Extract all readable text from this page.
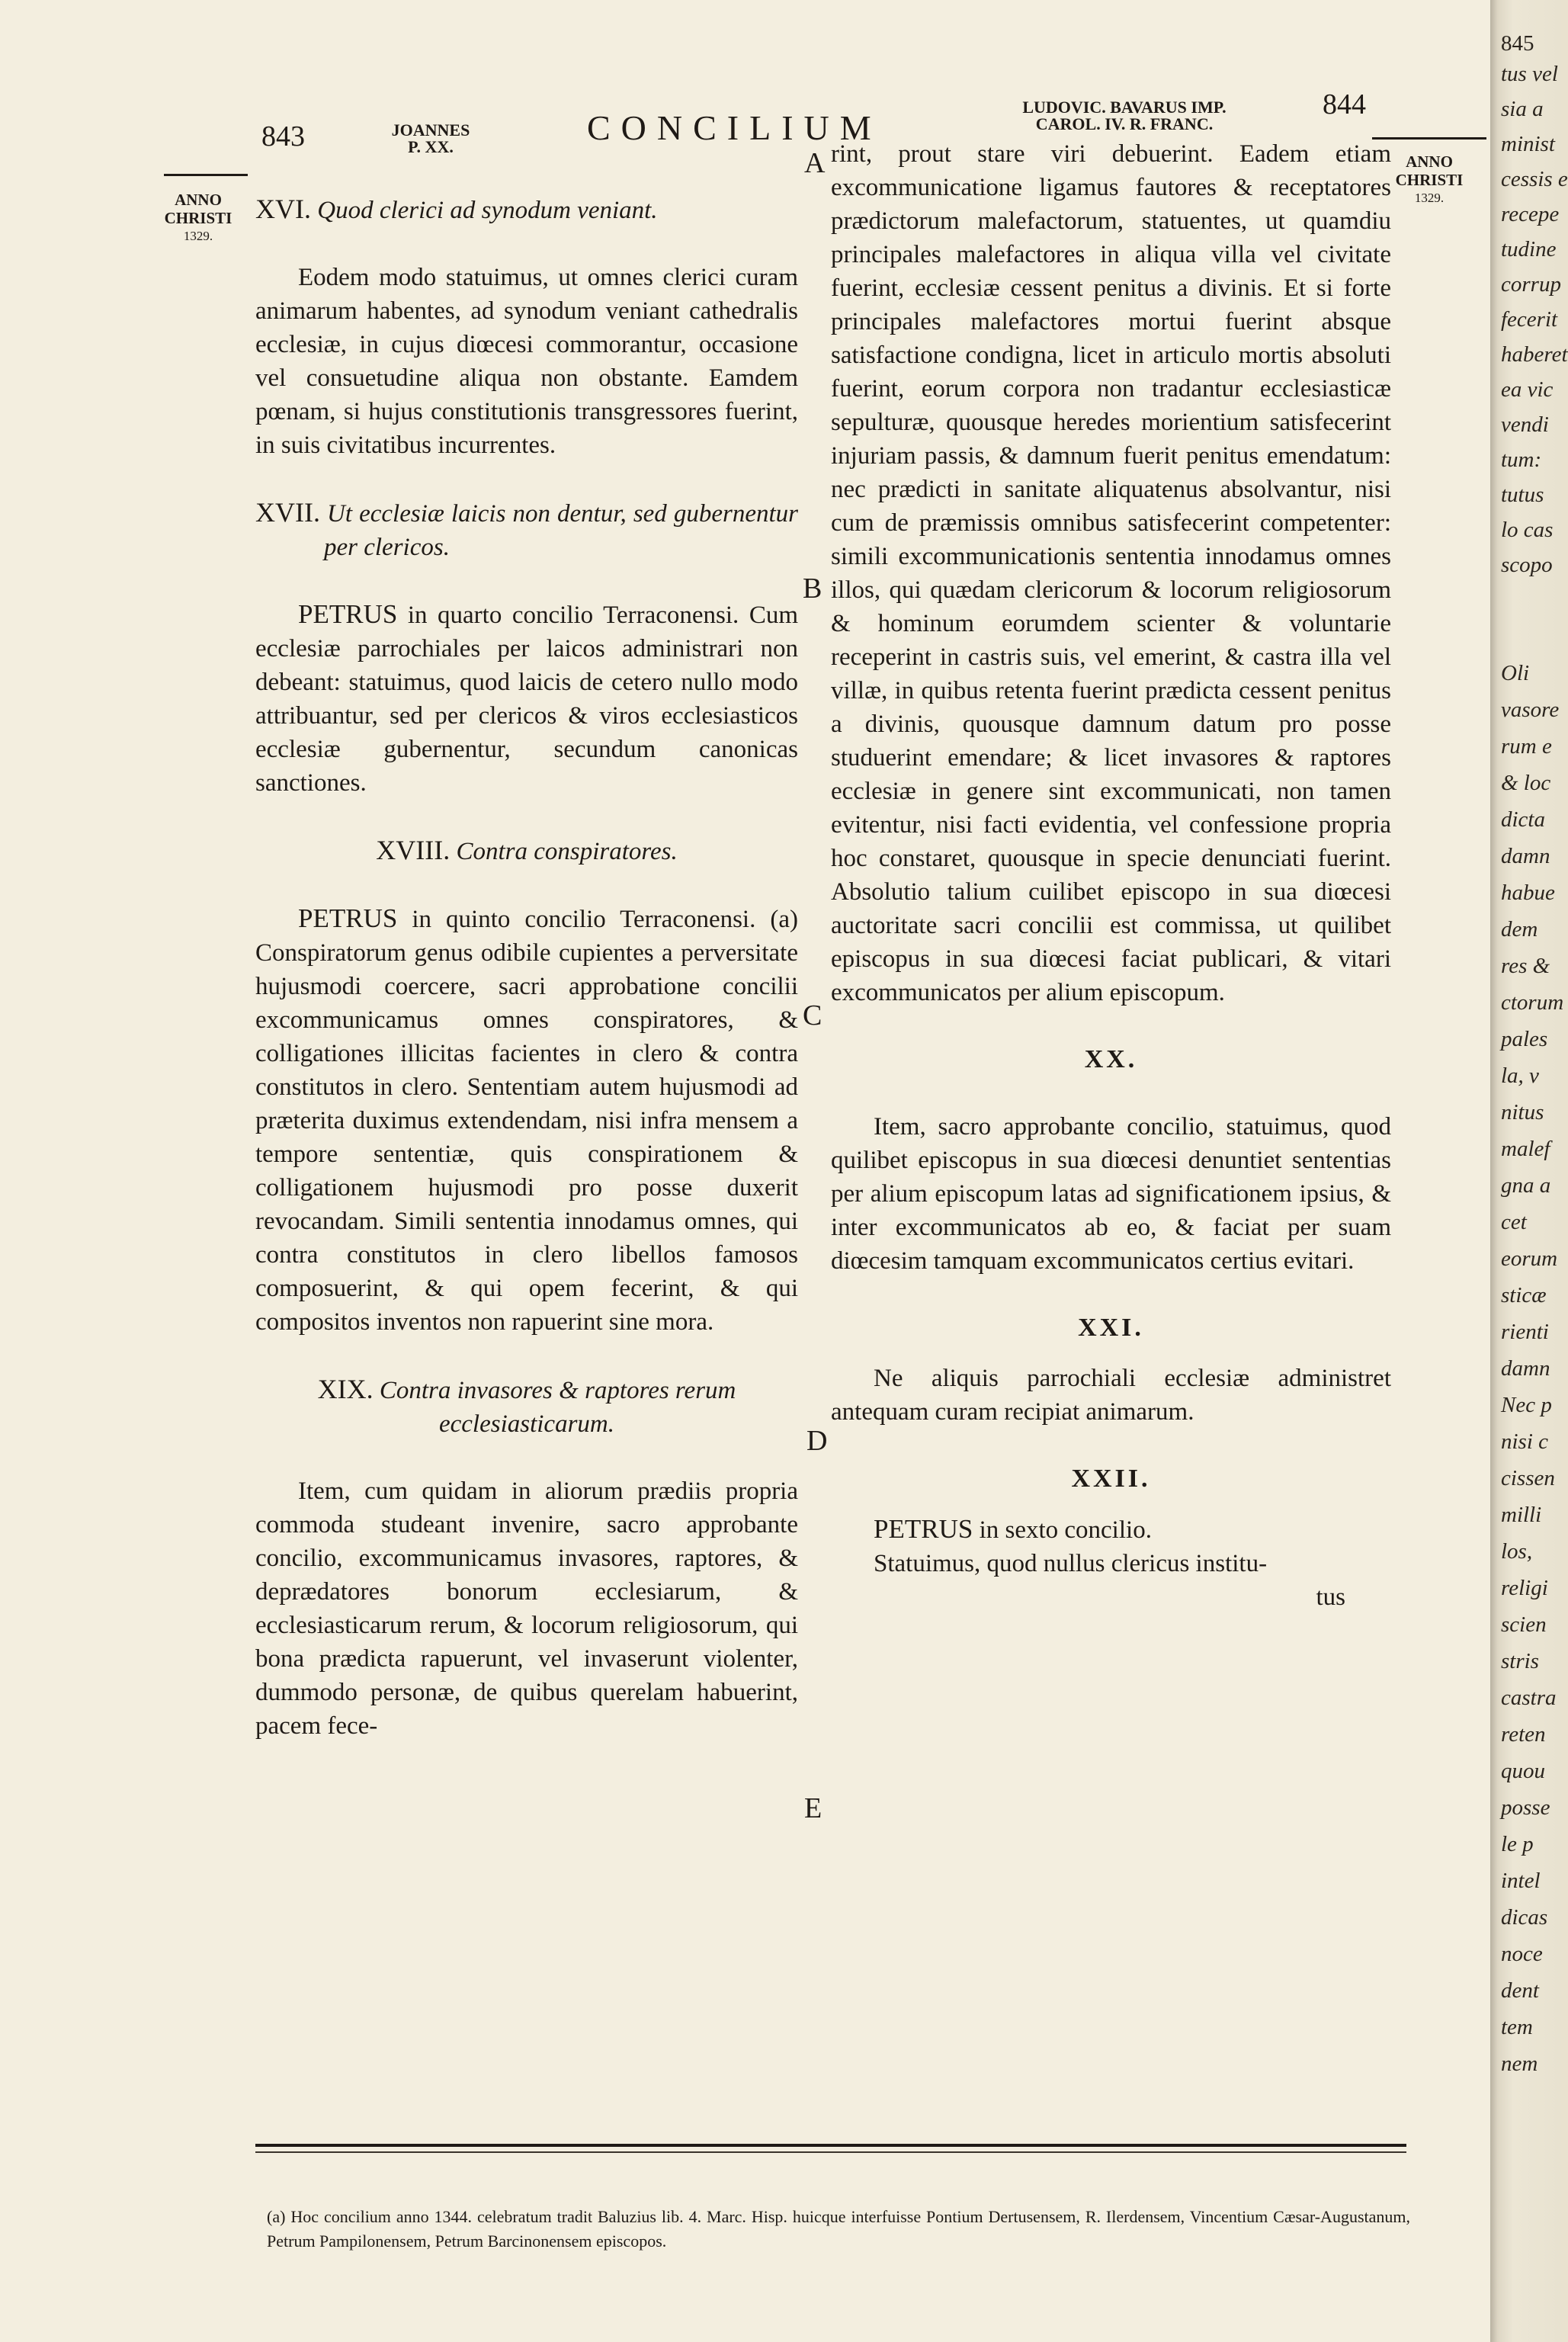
843	JOANNES
P. XX.	CONCILIUM
LUDOVIC. BAVARUS IMP.
CAROL. IV. R. FRANC.
844
ANNO
CHRISTI
1329.
ANNO
CHRISTI
1329.
A
B
C
D
E

XVI. Quod clerici ad synodum veniant.

Eodem modo statuimus, ut omnes clerici curam animarum habentes, ad synodum veniant cathedralis ecclesiæ, in cujus diœcesi commorantur, occasione vel consuetudine aliqua non obstante. Eamdem pœnam, si hujus constitutionis transgressores fuerint, in suis civitatibus incurrentes.

XVII. Ut ecclesiæ laicis non dentur, sed gubernentur per clericos.

PETRUS in quarto concilio Terraconensi. Cum ecclesiæ parrochiales per laicos administrari non debeant: statuimus, quod laicis de cetero nullo modo attribuantur, sed per clericos & viros ecclesiasticos ecclesiæ gubernentur, secundum canonicas sanctiones.

XVIII. Contra conspiratores.

PETRUS in quinto concilio Terraconensi. (a) Conspiratorum genus odibile cupientes a perversitate hujusmodi coercere, sacri approbatione concilii excommunicamus omnes conspiratores, & colligationes illicitas facientes in clero & contra constitutos in clero. Sententiam autem hujusmodi ad præterita duximus extendendam, nisi infra mensem a tempore sententiæ, quis conspirationem & colligationem hujusmodi pro posse duxerit revocandam. Simili sententia innodamus omnes, qui contra constitutos in clero libellos famosos composuerint, & qui opem fecerint, & qui compositos inventos non rapuerint sine mora.

XIX. Contra invasores & raptores rerum ecclesiasticarum.

Item, cum quidam in aliorum prædiis propria commoda studeant invenire, sacro approbante concilio, excommunicamus invasores, raptores, & deprædatores bonorum ecclesiarum, & ecclesiasticarum rerum, & locorum religiosorum, qui bona prædicta rapuerunt, vel invaserunt violenter, dummodo personæ, de quibus querelam habuerint, pacem fece-

rint, prout stare viri debuerint. Eadem etiam excommunicatione ligamus fautores & receptatores prædictorum malefactorum, statuentes, ut quamdiu principales malefactores in aliqua villa vel civitate fuerint, ecclesiæ cessent penitus a divinis. Et si forte principales malefactores mortui fuerint absque satisfactione condigna, licet in articulo mortis absoluti fuerint, eorum corpora non tradantur ecclesiasticæ sepulturæ, quousque heredes morientium satisfecerint injuriam passis, & damnum fuerit penitus emendatum: nec prædicti in sanitate aliquatenus absolvantur, nisi cum de præmissis omnibus satisfecerint competenter: simili excommunicationis sententia innodamus omnes illos, qui quædam clericorum & locorum religiosorum & hominum eorumdem scienter & voluntarie receperint in castris suis, vel emerint, & castra illa vel villæ, in quibus retenta fuerint prædicta cessent penitus a divinis, quousque damnum datum pro posse studuerint emendare; & licet invasores & raptores ecclesiæ in genere sint excommunicati, non tamen evitentur, nisi facti evidentia, vel confessione propria hoc constaret, quousque in specie denunciati fuerint. Absolutio talium cuilibet episcopo in sua diœcesi auctoritate sacri concilii est commissa, ut quilibet episcopus in sua diœcesi faciat publicari, & vitari excommunicatos per alium episcopum.

XX.

Item, sacro approbante concilio, statuimus, quod quilibet episcopus in sua diœcesi denuntiet sententias per alium episcopum latas ad significationem ipsius, & inter excommunicatos ab eo, & faciat per suam diœcesim tamquam excommunicatos certius evitari.

XXI.

Ne aliquis parrochiali ecclesiæ administret antequam curam recipiat animarum.

XXII.

PETRUS in sexto concilio.

Statuimus, quod nullus clericus institu-

tus

(a) Hoc concilium anno 1344. celebratum tradit Baluzius lib. 4. Marc. Hisp. huicque interfuisse Pontium Dertusensem, R. Ilerdensem, Vincentium Cæsar-Augustanum, Petrum Pampilonensem, Petrum Barcinonensem episcopos.

845
tus vel
sia a
minist
cessis e
recepe
tudine
corrup
fecerit
haberet
ea vic
vendi
tum:
tutus
lo cas
scopo
Oli
vasore
rum e
& loc
dicta
damn
habue
dem
res &
ctorum
pales
la, v
nitus
malef
gna a
cet
eorum
sticæ
rienti
damn
Nec p
nisi c
cissen
milli
los,
religi
scien
stris
castra
reten
quou
posse
le p
intel
dicas
noce
dent
tem
nem
